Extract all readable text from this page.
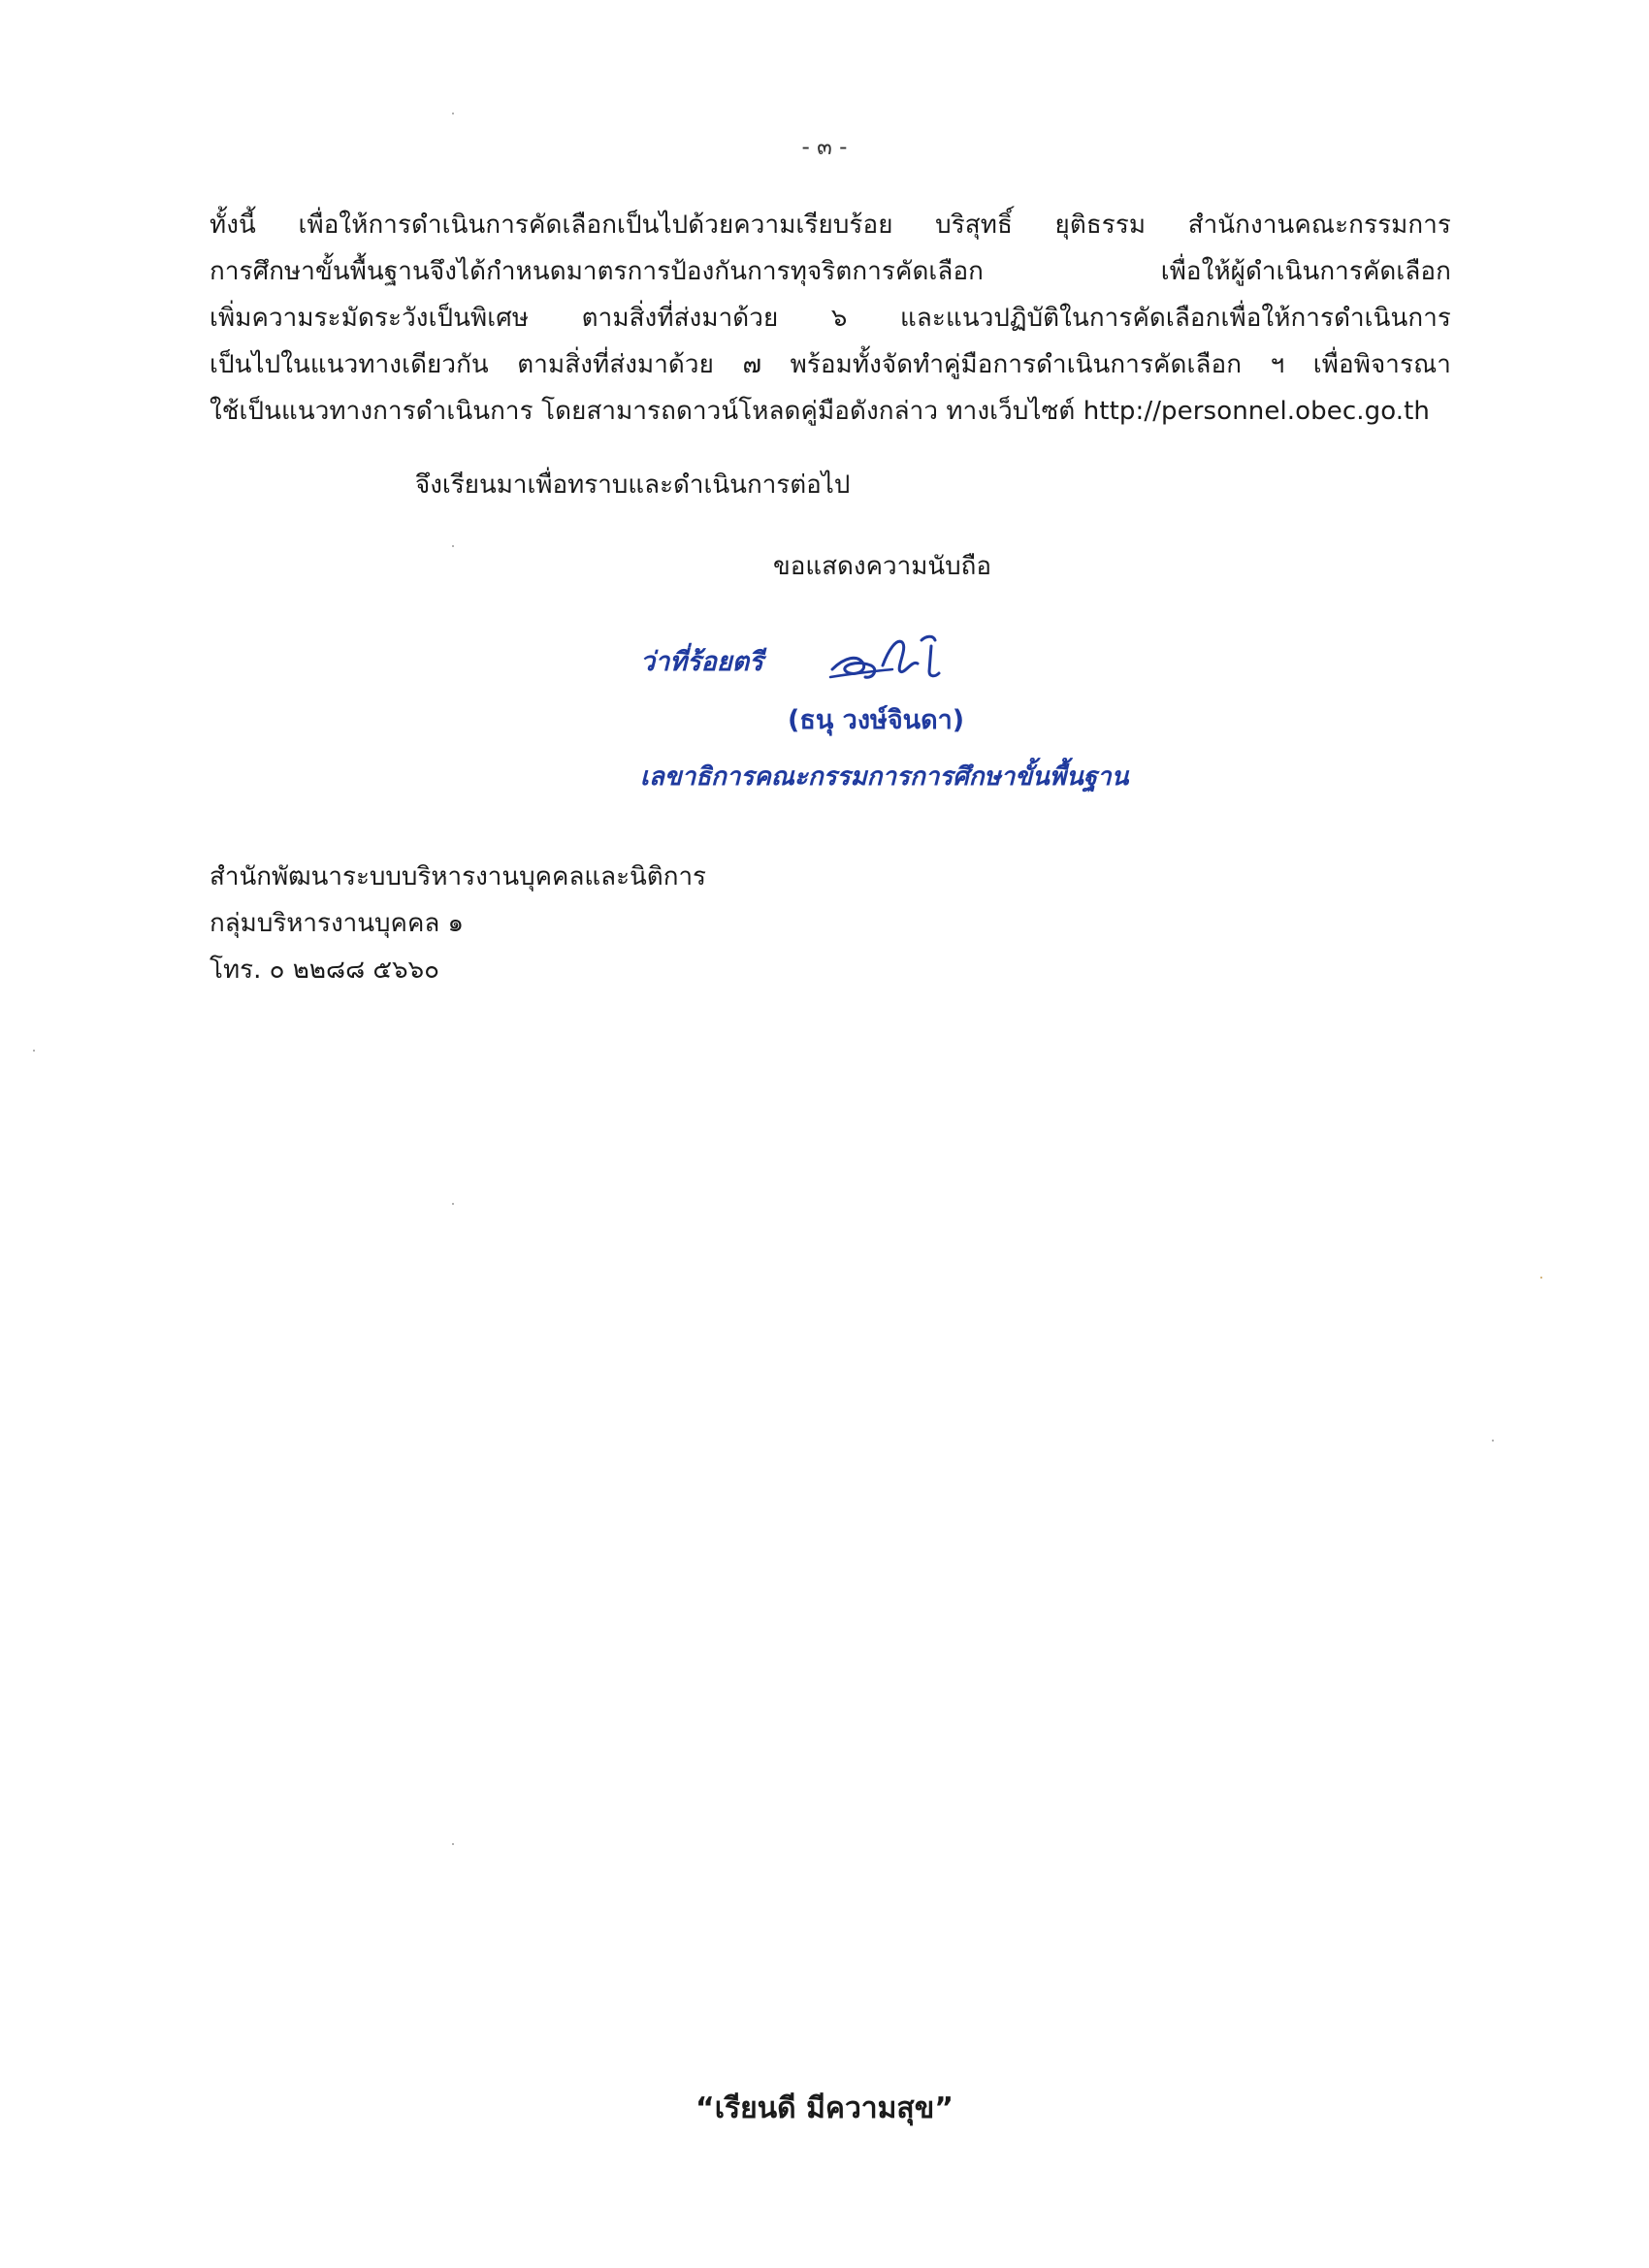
- ๓ -
ทั้งนี้ เพื่อให้การดำเนินการคัดเลือกเป็นไปด้วยความเรียบร้อย บริสุทธิ์ ยุติธรรม สำนักงานคณะกรรมการ
การศึกษาขั้นพื้นฐานจึงได้กำหนดมาตรการป้องกันการทุจริตการคัดเลือก เพื่อให้ผู้ดำเนินการคัดเลือก
เพิ่มความระมัดระวังเป็นพิเศษ ตามสิ่งที่ส่งมาด้วย ๖ และแนวปฏิบัติในการคัดเลือกเพื่อให้การดำเนินการ
เป็นไปในแนวทางเดียวกัน ตามสิ่งที่ส่งมาด้วย ๗ พร้อมทั้งจัดทำคู่มือการดำเนินการคัดเลือก ฯ เพื่อพิจารณา
ใช้เป็นแนวทางการดำเนินการ โดยสามารถดาวน์โหลดคู่มือดังกล่าว ทางเว็บไซต์ http://personnel.obec.go.th
จึงเรียนมาเพื่อทราบและดำเนินการต่อไป
ขอแสดงความนับถือ
ว่าที่ร้อยตรี
(ธนุ วงษ์จินดา)
เลขาธิการคณะกรรมการการศึกษาขั้นพื้นฐาน
สำนักพัฒนาระบบบริหารงานบุคคลและนิติการ
กลุ่มบริหารงานบุคคล ๑
โทร. ๐ ๒๒๘๘ ๕๖๖๐
“เรียนดี มีความสุข”
